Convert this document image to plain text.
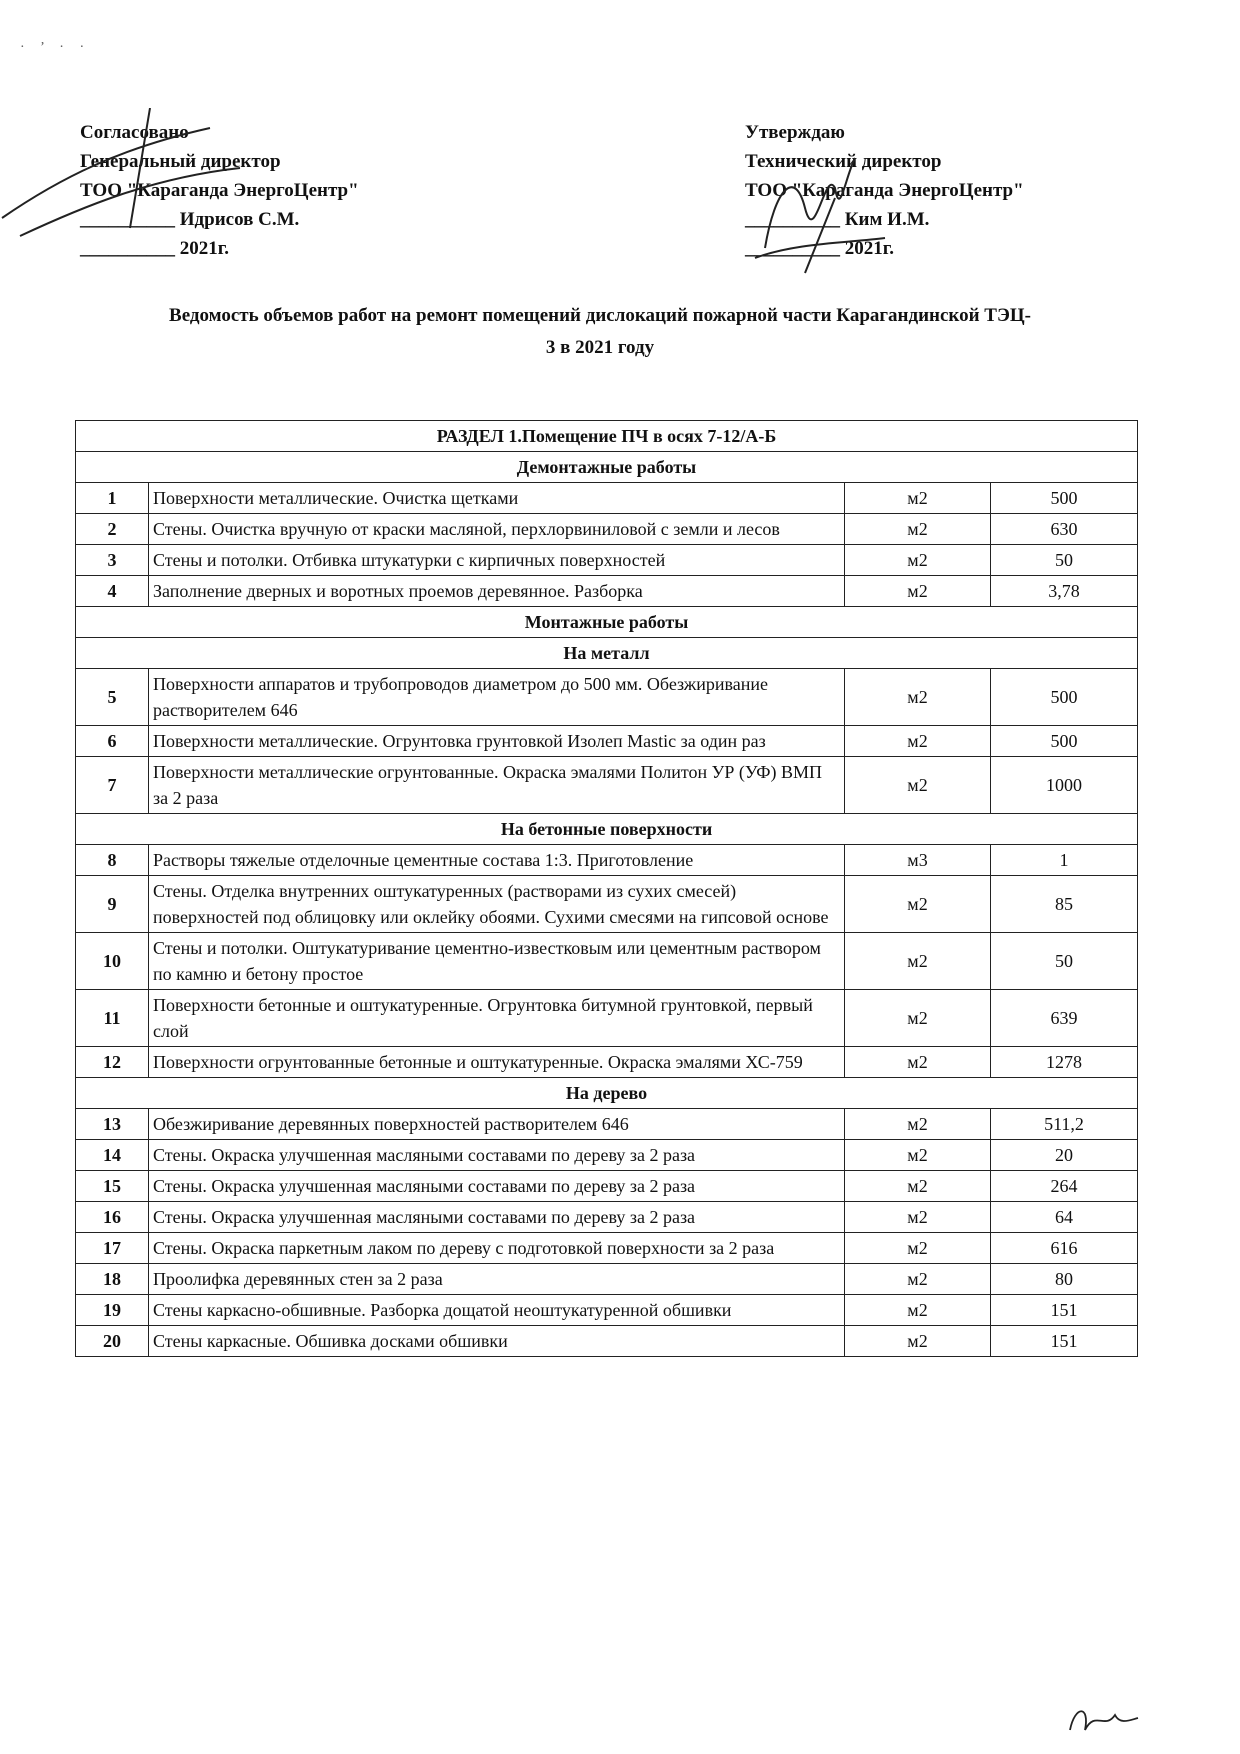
· ’ · ·
Согласовано
Генеральный директор
ТОО "Караганда ЭнергоЦентр"
__________ Идрисов С.М.
__________ 2021г.
Утверждаю
Технический директор
ТОО "Караганда ЭнергоЦентр"
__________ Ким И.М.
__________ 2021г.
Ведомость объемов работ на ремонт помещений дислокаций пожарной части Карагандинской ТЭЦ-
3 в 2021 году
РАЗДЕЛ 1.Помещение ПЧ в осях 7-12/А-Б			
Демонтажные работы			
1	Поверхности металлические. Очистка щетками	м2	500
2	Стены. Очистка вручную от краски масляной, перхлорвиниловой с земли и лесов	м2	630
3	Стены и потолки. Отбивка штукатурки с кирпичных поверхностей	м2	50
4	Заполнение дверных и воротных проемов деревянное. Разборка	м2	3,78
Монтажные работы			
На металл			
5	Поверхности аппаратов и трубопроводов диаметром до 500 мм. Обезжиривание растворителем 646	м2	500
6	Поверхности металлические. Огрунтовка грунтовкой Изолеп Mastic за один раз	м2	500
7	Поверхности металлические огрунтованные. Окраска эмалями Политон УР (УФ) ВМП за 2 раза	м2	1000
На бетонные поверхности			
8	Растворы тяжелые отделочные цементные состава 1:3. Приготовление	м3	1
9	Стены. Отделка внутренних оштукатуренных (растворами из сухих смесей) поверхностей под облицовку или оклейку обоями. Сухими смесями на гипсовой основе	м2	85
10	Стены и потолки. Оштукатуривание цементно-известковым или цементным раствором по камню и бетону простое	м2	50
11	Поверхности бетонные и оштукатуренные. Огрунтовка битумной грунтовкой, первый слой	м2	639
12	Поверхности огрунтованные бетонные и оштукатуренные. Окраска эмалями ХС-759	м2	1278
На дерево			
13	Обезжиривание деревянных поверхностей растворителем 646	м2	511,2
14	Стены. Окраска улучшенная масляными составами по дереву за 2 раза	м2	20
15	Стены. Окраска улучшенная масляными составами по дереву за 2 раза	м2	264
16	Стены. Окраска улучшенная масляными составами по дереву за 2 раза	м2	64
17	Стены. Окраска паркетным лаком по дереву с подготовкой поверхности за 2 раза	м2	616
18	Проолифка деревянных стен за 2 раза	м2	80
19	Стены каркасно-обшивные. Разборка дощатой неоштукатуренной обшивки	м2	151
20	Стены каркасные. Обшивка досками обшивки	м2	151
